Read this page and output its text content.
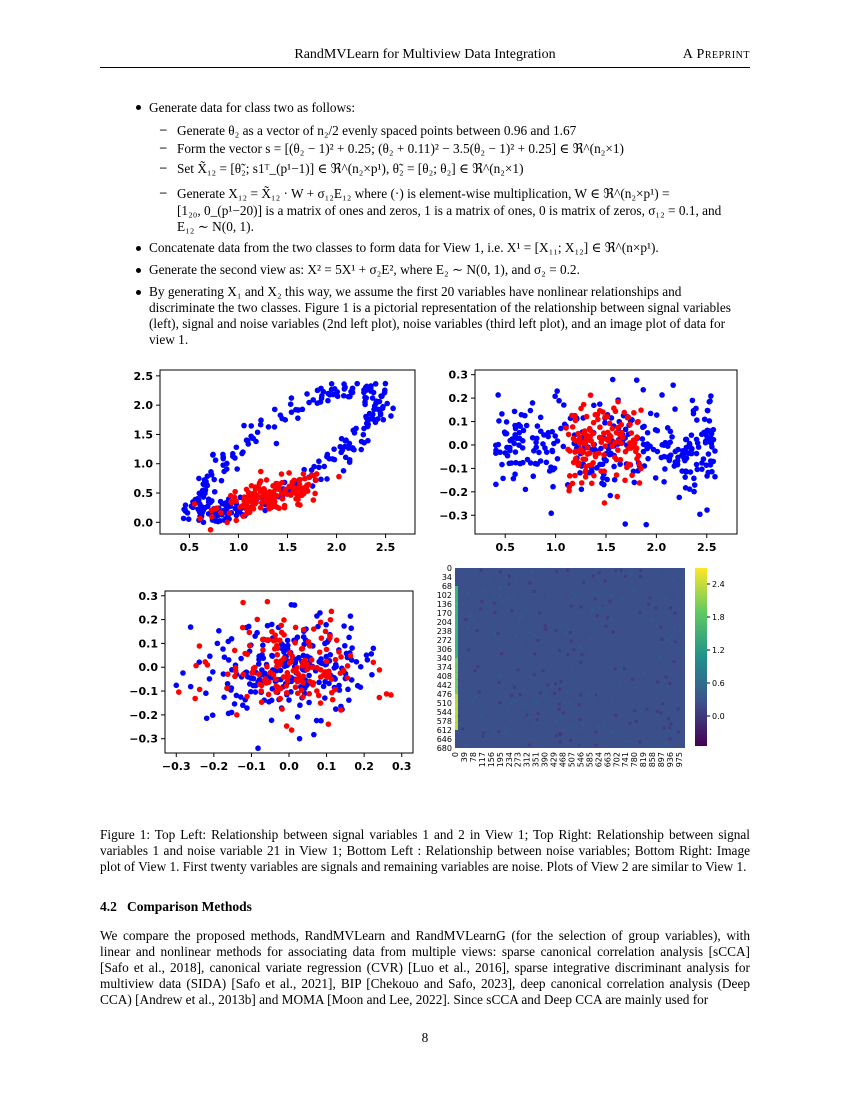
RandMVLearn for Multiview Data Integration	A Preprint
Generate data for class two as follows:
– Generate θ₂ as a vector of n₂/2 evenly spaced points between 0.96 and 1.67
– Form the vector s = [(θ₂ − 1)² + 0.25; (θ₂ + 0.11)² − 3.5(θ₂ − 1)² + 0.25] ∈ ℜ^(n₂×1)
– Set X̃₁₂ = [θ̃₂; s1ᵀ_(p¹−1)] ∈ ℜ^(n₂×p¹), θ̃₂ = [θ₂; θ₂] ∈ ℜ^(n₂×1)
– Generate X₁₂ = X̃₁₂ · W + σ₁₂E₁₂ where (·) is element-wise multiplication, W ∈ ℜ^(n₂×p¹) =
[1₂₀, 0_(p¹−20)] is a matrix of ones and zeros, 1 is a matrix of ones, 0 is matrix of zeros, σ₁₂ = 0.1, and
E₁₂ ∼ N(0, 1).
Concatenate data from the two classes to form data for View 1, i.e. X¹ = [X₁₁; X₁₂] ∈ ℜ^(n×p¹).
Generate the second view as: X² = 5X¹ + σ₂E², where E₂ ∼ N(0, 1), and σ₂ = 0.2.
By generating X₁ and X₂ this way, we assume the first 20 variables have nonlinear relationships and
discriminate the two classes. Figure 1 is a pictorial representation of the relationship between signal variables
(left), signal and noise variables (2nd left plot), noise variables (third left plot), and an image plot of data for
view 1.
0.5	1.0	1.5	2.0	2.5
0.0
0.5
1.0
1.5
2.0
2.5
0.5	1.0	1.5	2.0	2.5
0.3
0.2
0.1
0.0
−0.1
−0.2
−0.3
−0.3 −0.2 −0.1 0.0 0.1 0.2 0.3
0.3
0.2
0.1
0.0
−0.1
−0.2
−0.3
0
34
68
102
136
170
204
238
272
306
340
374
408
442
476
510
544
578
612
646
680
0 39 78 117 156 195 234 273 312 351 390 429 468 507 546 585 624 663 702 741 780 819 858 897 936 975
2.4
1.8
1.2
0.6
0.0
Figure 1: Top Left: Relationship between signal variables 1 and 2 in View 1; Top Right: Relationship between signal variables 1 and noise variable 21 in View 1; Bottom Left : Relationship between noise variables; Bottom Right: Image plot of View 1. First twenty variables are signals and remaining variables are noise. Plots of View 2 are similar to View 1.
4.2 Comparison Methods
We compare the proposed methods, RandMVLearn and RandMVLearnG (for the selection of group variables), with linear and nonlinear methods for associating data from multiple views: sparse canonical correlation analysis [sCCA] [Safo et al., 2018], canonical variate regression (CVR) [Luo et al., 2016], sparse integrative discriminant analysis for multiview data (SIDA) [Safo et al., 2021], BIP [Chekouo and Safo, 2023], deep canonical correlation analysis (Deep CCA) [Andrew et al., 2013b] and MOMA [Moon and Lee, 2022]. Since sCCA and Deep CCA are mainly used for
8
